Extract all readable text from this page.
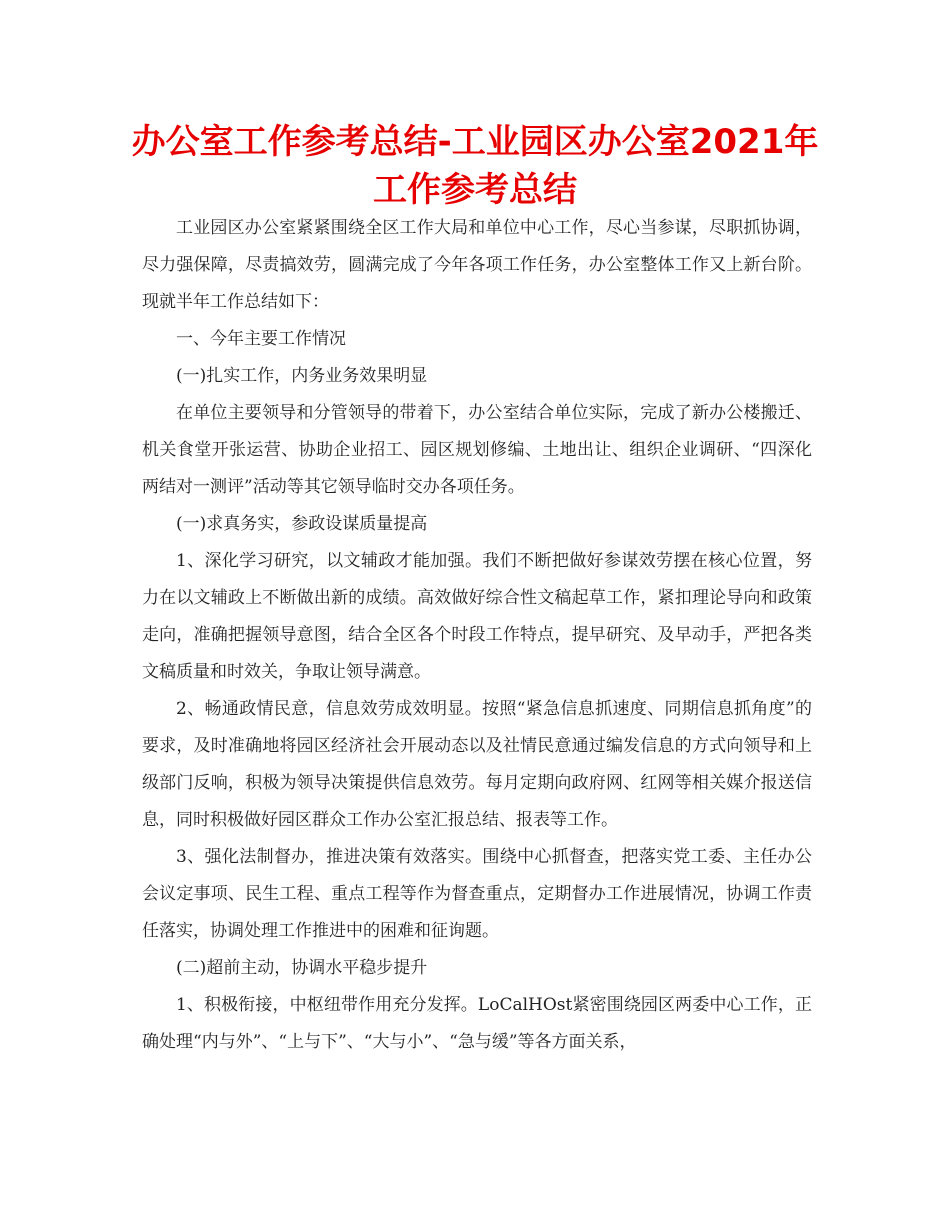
办公室工作参考总结-工业园区办公室2021年工作参考总结

工业园区办公室紧紧围绕全区工作大局和单位中心工作，尽心当参谋，尽职抓协调，尽力强保障，尽责搞效劳，圆满完成了今年各项工作任务，办公室整体工作又上新台阶。现就半年工作总结如下：

一、今年主要工作情况

(一)扎实工作，内务业务效果明显

在单位主要领导和分管领导的带着下，办公室结合单位实际，完成了新办公楼搬迁、机关食堂开张运营、协助企业招工、园区规划修编、土地出让、组织企业调研、“四深化两结对一测评”活动等其它领导临时交办各项任务。

(一)求真务实，参政设谋质量提高

1、深化学习研究，以文辅政才能加强。我们不断把做好参谋效劳摆在核心位置，努力在以文辅政上不断做出新的成绩。高效做好综合性文稿起草工作，紧扣理论导向和政策走向，准确把握领导意图，结合全区各个时段工作特点，提早研究、及早动手，严把各类文稿质量和时效关，争取让领导满意。

2、畅通政情民意，信息效劳成效明显。按照“紧急信息抓速度、同期信息抓角度”的要求，及时准确地将园区经济社会开展动态以及社情民意通过编发信息的方式向领导和上级部门反响，积极为领导决策提供信息效劳。每月定期向政府网、红网等相关媒介报送信息，同时积极做好园区群众工作办公室汇报总结、报表等工作。

3、强化法制督办，推进决策有效落实。围绕中心抓督查，把落实党工委、主任办公会议定事项、民生工程、重点工程等作为督查重点，定期督办工作进展情况，协调工作责任落实，协调处理工作推进中的困难和征询题。

(二)超前主动，协调水平稳步提升

1、积极衔接，中枢纽带作用充分发挥。LoCalHOst紧密围绕园区两委中心工作，正确处理“内与外”、“上与下”、“大与小”、“急与缓”等各方面关系，
